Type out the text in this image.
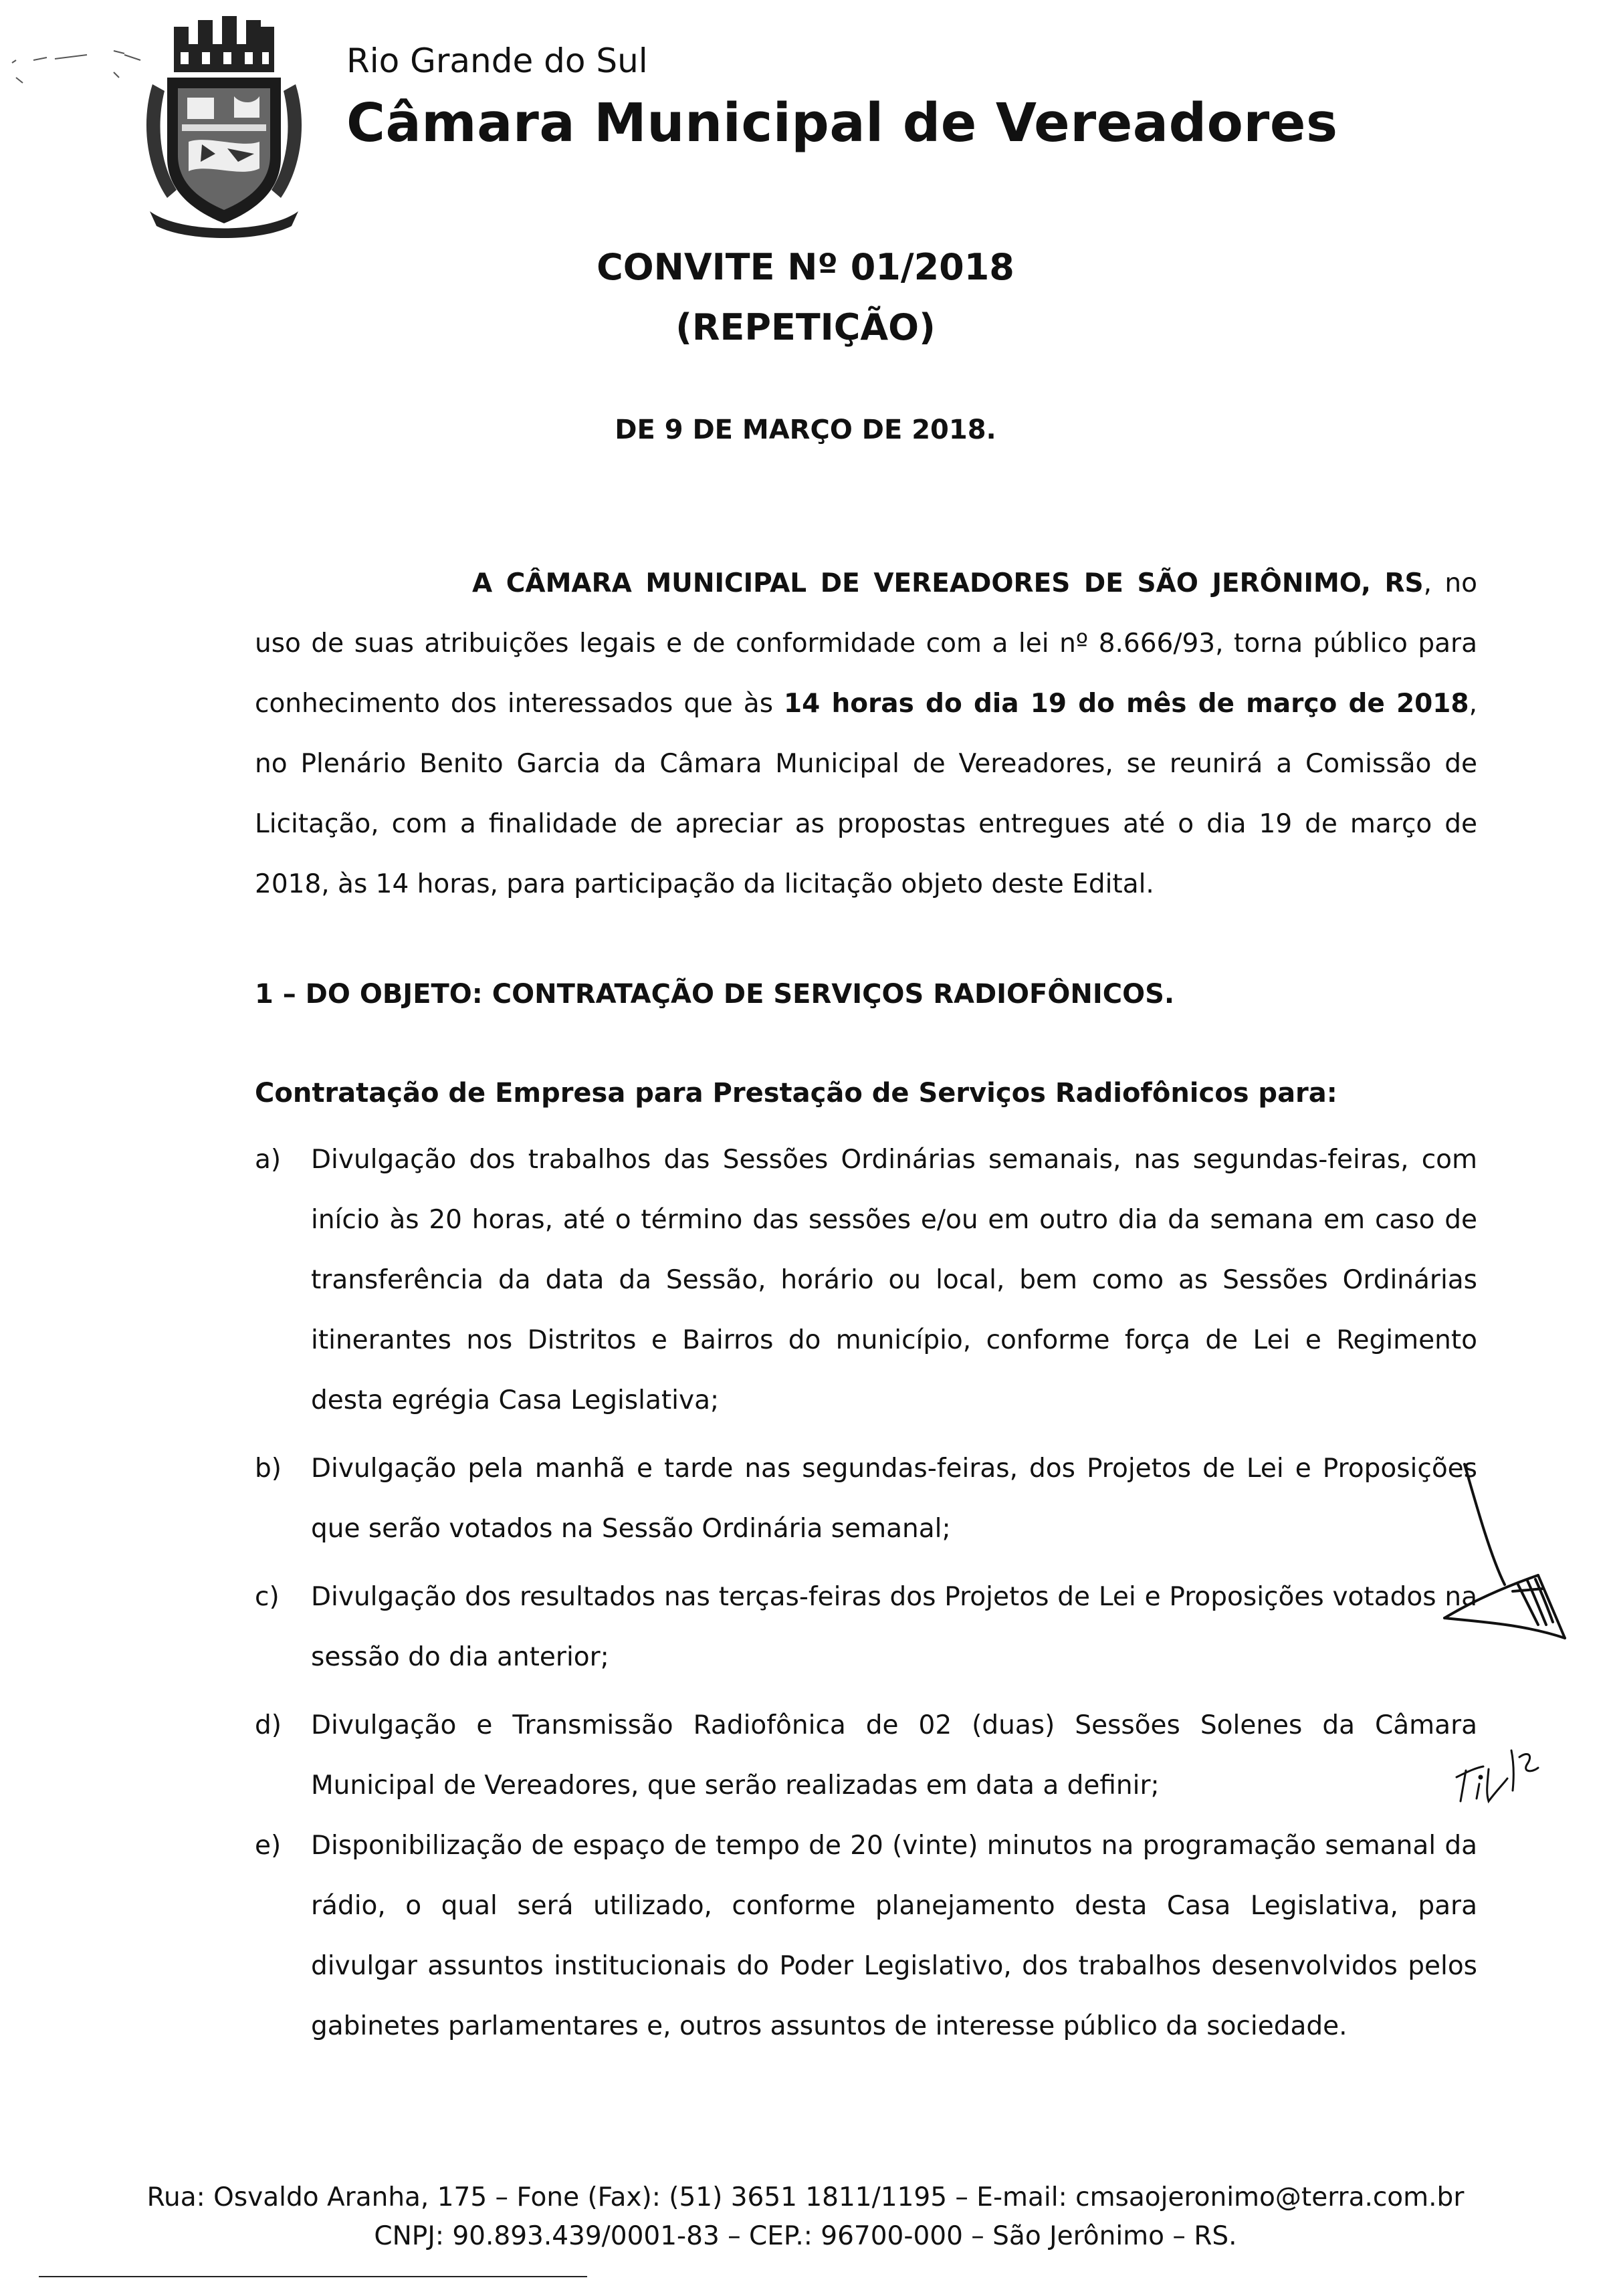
Rio Grande do Sul
Câmara Municipal de Vereadores
CONVITE Nº 01/2018
(REPETIÇÃO)
DE 9 DE MARÇO DE 2018.

A CÂMARA MUNICIPAL DE VEREADORES DE SÃO JERÔNIMO, RS, no uso de suas atribuições legais e de conformidade com a lei nº 8.666/93, torna público para conhecimento dos interessados que às 14 horas do dia 19 do mês de março de 2018, no Plenário Benito Garcia da Câmara Municipal de Vereadores, se reunirá a Comissão de Licitação, com a finalidade de apreciar as propostas entregues até o dia 19 de março de 2018, às 14 horas, para participação da licitação objeto deste Edital.

1 – DO OBJETO: CONTRATAÇÃO DE SERVIÇOS RADIOFÔNICOS.
Contratação de Empresa para Prestação de Serviços Radiofônicos para:
a) Divulgação dos trabalhos das Sessões Ordinárias semanais, nas segundas-feiras, com início às 20 horas, até o término das sessões e/ou em outro dia da semana em caso de transferência da data da Sessão, horário ou local, bem como as Sessões Ordinárias itinerantes nos Distritos e Bairros do município, conforme força de Lei e Regimento desta egrégia Casa Legislativa;
b) Divulgação pela manhã e tarde nas segundas-feiras, dos Projetos de Lei e Proposições que serão votados na Sessão Ordinária semanal;
c) Divulgação dos resultados nas terças-feiras dos Projetos de Lei e Proposições votados na sessão do dia anterior;
d) Divulgação e Transmissão Radiofônica de 02 (duas) Sessões Solenes da Câmara Municipal de Vereadores, que serão realizadas em data a definir;
e) Disponibilização de espaço de tempo de 20 (vinte) minutos na programação semanal da rádio, o qual será utilizado, conforme planejamento desta Casa Legislativa, para divulgar assuntos institucionais do Poder Legislativo, dos trabalhos desenvolvidos pelos gabinetes parlamentares e, outros assuntos de interesse público da sociedade.
Rua: Osvaldo Aranha, 175 – Fone (Fax): (51) 3651 1811/1195 – E-mail: cmsaojeronimo@terra.com.br
CNPJ: 90.893.439/0001-83 – CEP.: 96700-000 – São Jerônimo – RS.
